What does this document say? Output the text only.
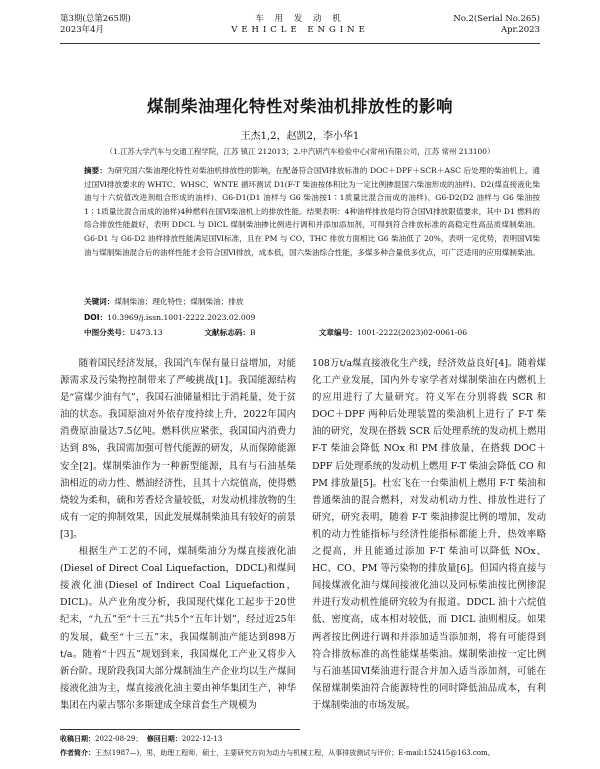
第3期(总第265期)
2023年4月
车 用 发 动 机
VEHICLE ENGINE
No.2(Serial No.265)
Apr.2023
煤制柴油理化特性对柴油机排放性的影响
王杰1,2，赵凯2，李小华1
（1.江苏大学汽车与交通工程学院，江苏 镇江 212013；2.中汽研汽车检验中心(常州)有限公司，江苏 常州 213100）
摘要：为研究国六柴油理化特性对柴油机排放性的影响，在配备符合国Ⅵ排放标准的 DOC＋DPF＋SCR＋ASC 后处理的柴油机上，通过国Ⅵ排放要求的 WHTC、WHSC、WNTE 循环测试 D1(F-T 柴油按体积比为一定比例掺混国六柴油形成的油样)、D2(煤直接液化柴油与十六烷值改进剂组合形成的油样)、G6-D1(D1 油样与 G6 柴油按1∶1质量比混合而成的油样)、G6-D2(D2 油样与 G6 柴油按1∶1质量比混合而成的油样)4种燃料在国Ⅵ柴油机上的排放性能。结果表明：4种油样排放是均符合国Ⅵ排放限值要求，其中 D1 燃料的综合排放性能最好，表明 DDCL 与 DICL 煤制柴油掺比例进行调和并添加添加剂，可得到符合排放标准的高稳定性高品质煤制柴油。G6-D1 与 G6-D2 油样排放性能满足国Ⅵ标准，且在 PM 与 CO、THC 排放方面相比 G6 柴油低了 20%，表明一定优势，表明国Ⅵ柴油与煤制柴油混合后的油样性能才会符合国Ⅵ排放，成本低，国六柴油综合性能，多煤多种合量低多优点，可广泛适用的应用煤制柴油。
关键词：煤制柴油；理化特性；煤制柴油；排放
DOI：10.3969/j.issn.1001-2222.2023.02.009
中图分类号：U473.13	文献标志码：B	文章编号：1001-2222(2023)02-0061-06

随着国民经济发展，我国汽车保有量日益增加，对能源需求及污染物控制带来了严峻挑战[1]。我国能源结构是“富煤少油有气”，我国石油储量相比于消耗量，处于贫油的状态。我国原油对外依存度持续上升，2022年国内消费原油量达7.5亿吨。燃料供应紧张，我国国内消费力达到 8%，我国需加强可替代能源的研发，从而保障能源安全[2]。煤制柴油作为一种新型能源，具有与石油基柴油相近的动力性、燃油经济性，且其十六烷值高，使得燃烧较为柔和，硫和芳香烃含量较低，对发动机排放物的生成有一定的抑制效果，因此发展煤制柴油具有较好的前景[3]。

根据生产工艺的不同，煤制柴油分为煤直接液化油(Diesel of Direct Coal Liquefaction，DDCL)和煤间接液化油(Diesel of Indirect Coal Liquefaction，DICL)。从产业角度分析，我国现代煤化工起步于20世纪末，“九五”至“十三五”共5个“五年计划”，经过近25年的发展，截至“十三五”末，我国煤制油产能达到898万t/a。随着“十四五”规划到来，我国煤化工产业又将步入新台阶。现阶段我国大部分煤制油生产企业均以生产煤间接液化油为主，煤直接液化油主要由神华集团生产，神华集团在内蒙古鄂尔多斯建成全球首套生产规模为

108万t/a煤直接液化生产线，经济效益良好[4]。随着煤化工产业发展，国内外专家学者对煤制柴油在内燃机上的应用进行了大量研究。符义军在分别将载 SCR 和 DOC＋DPF 两种后处理装置的柴油机上进行了 F-T 柴油的研究，发现在搭载 SCR 后处理系统的发动机上燃用 F-T 柴油会降低 NOx 和 PM 排放量，在搭载 DOC＋DPF 后处理系统的发动机上燃用 F-T 柴油会降低 CO 和 PM 排放量[5]。杜宏飞在一台柴油机上燃用 F-T 柴油和普通柴油的混合燃料，对发动机动力性、排放性进行了研究，研究表明，随着 F-T 柴油掺混比例的增加，发动机的动力性能指标与经济性能指标都能上升，热效率略之提高，并且能通过添加 F-T 柴油可以降低 NOx、HC、CO、PM 等污染物的排放量[6]。但国内将直接与间接煤液化油与煤间接液化油以及同标柴油按比例掺混并进行发动机性能研究较为有报道。DDCL 油十六烷值低、密度高，成本相对较低，而 DICL 油则相反。如果两者按比例进行调和并添加适当添加剂，将有可能得到符合排放标准的高性能煤基柴油。煤制柴油按一定比例与石油基国Ⅵ柴油进行混合并加入适当添加剂，可能在保留煤制柴油符合能源特性的同时降低油品成本，有利于煤制柴油的市场发展。

收稿日期：2022-08-29；  修回日期：2022-12-13
作者简介：王杰(1987—)，男，助理工程师，硕士，主要研究方向为动力与机械工程，从事排放测试与评价；E-mail:152415@163.com。
